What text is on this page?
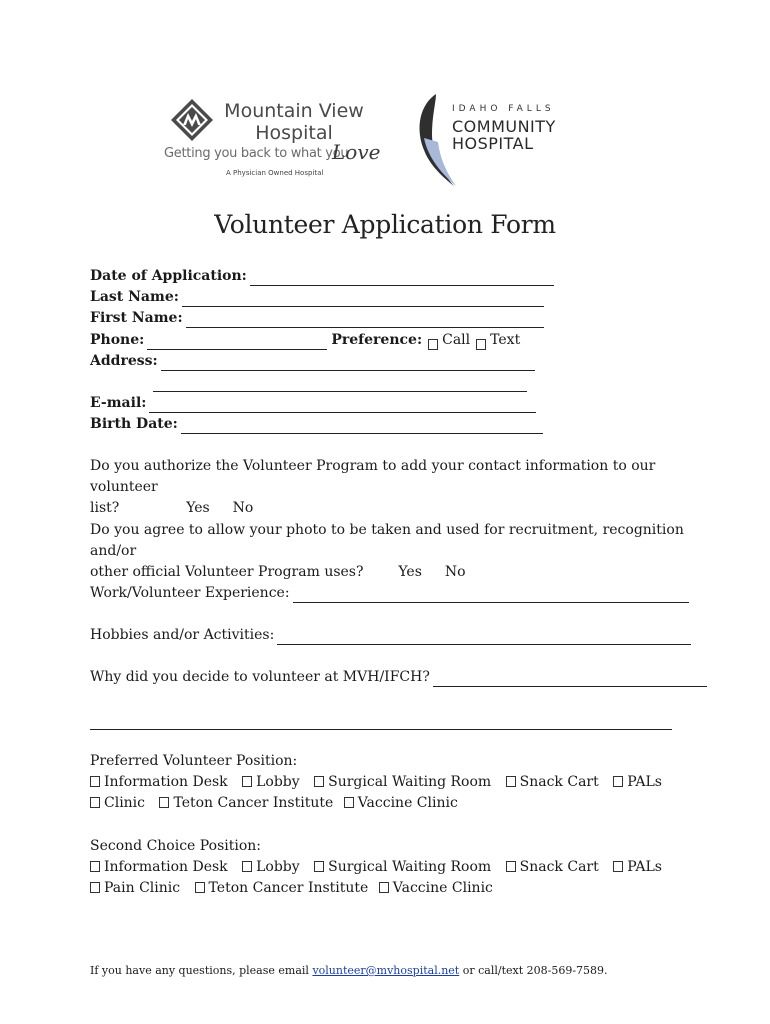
Mountain View
Hospital
Getting you back to what you
Love
A Physician Owned Hospital
IDAHO FALLS
COMMUNITY
HOSPITAL
Volunteer Application Form
Date of Application:
Last Name:
First Name:
Phone:	Preference: Call Text
Address:
E-mail:
Birth Date:
Do you authorize the Volunteer Program to add your contact information to our volunteer
list?	Yes No
Do you agree to allow your photo to be taken and used for recruitment, recognition and/or
other official Volunteer Program uses? Yes No
Work/Volunteer Experience:
Hobbies and/or Activities:
Why did you decide to volunteer at MVH/IFCH?
Preferred Volunteer Position:
Information Desk Lobby Surgical Waiting Room Snack Cart PALs
Clinic Teton Cancer Institute Vaccine Clinic
Second Choice Position:
Information Desk Lobby Surgical Waiting Room Snack Cart PALs
Pain Clinic Teton Cancer Institute Vaccine Clinic
If you have any questions, please email volunteer@mvhospital.net or call/text 208-569-7589.
